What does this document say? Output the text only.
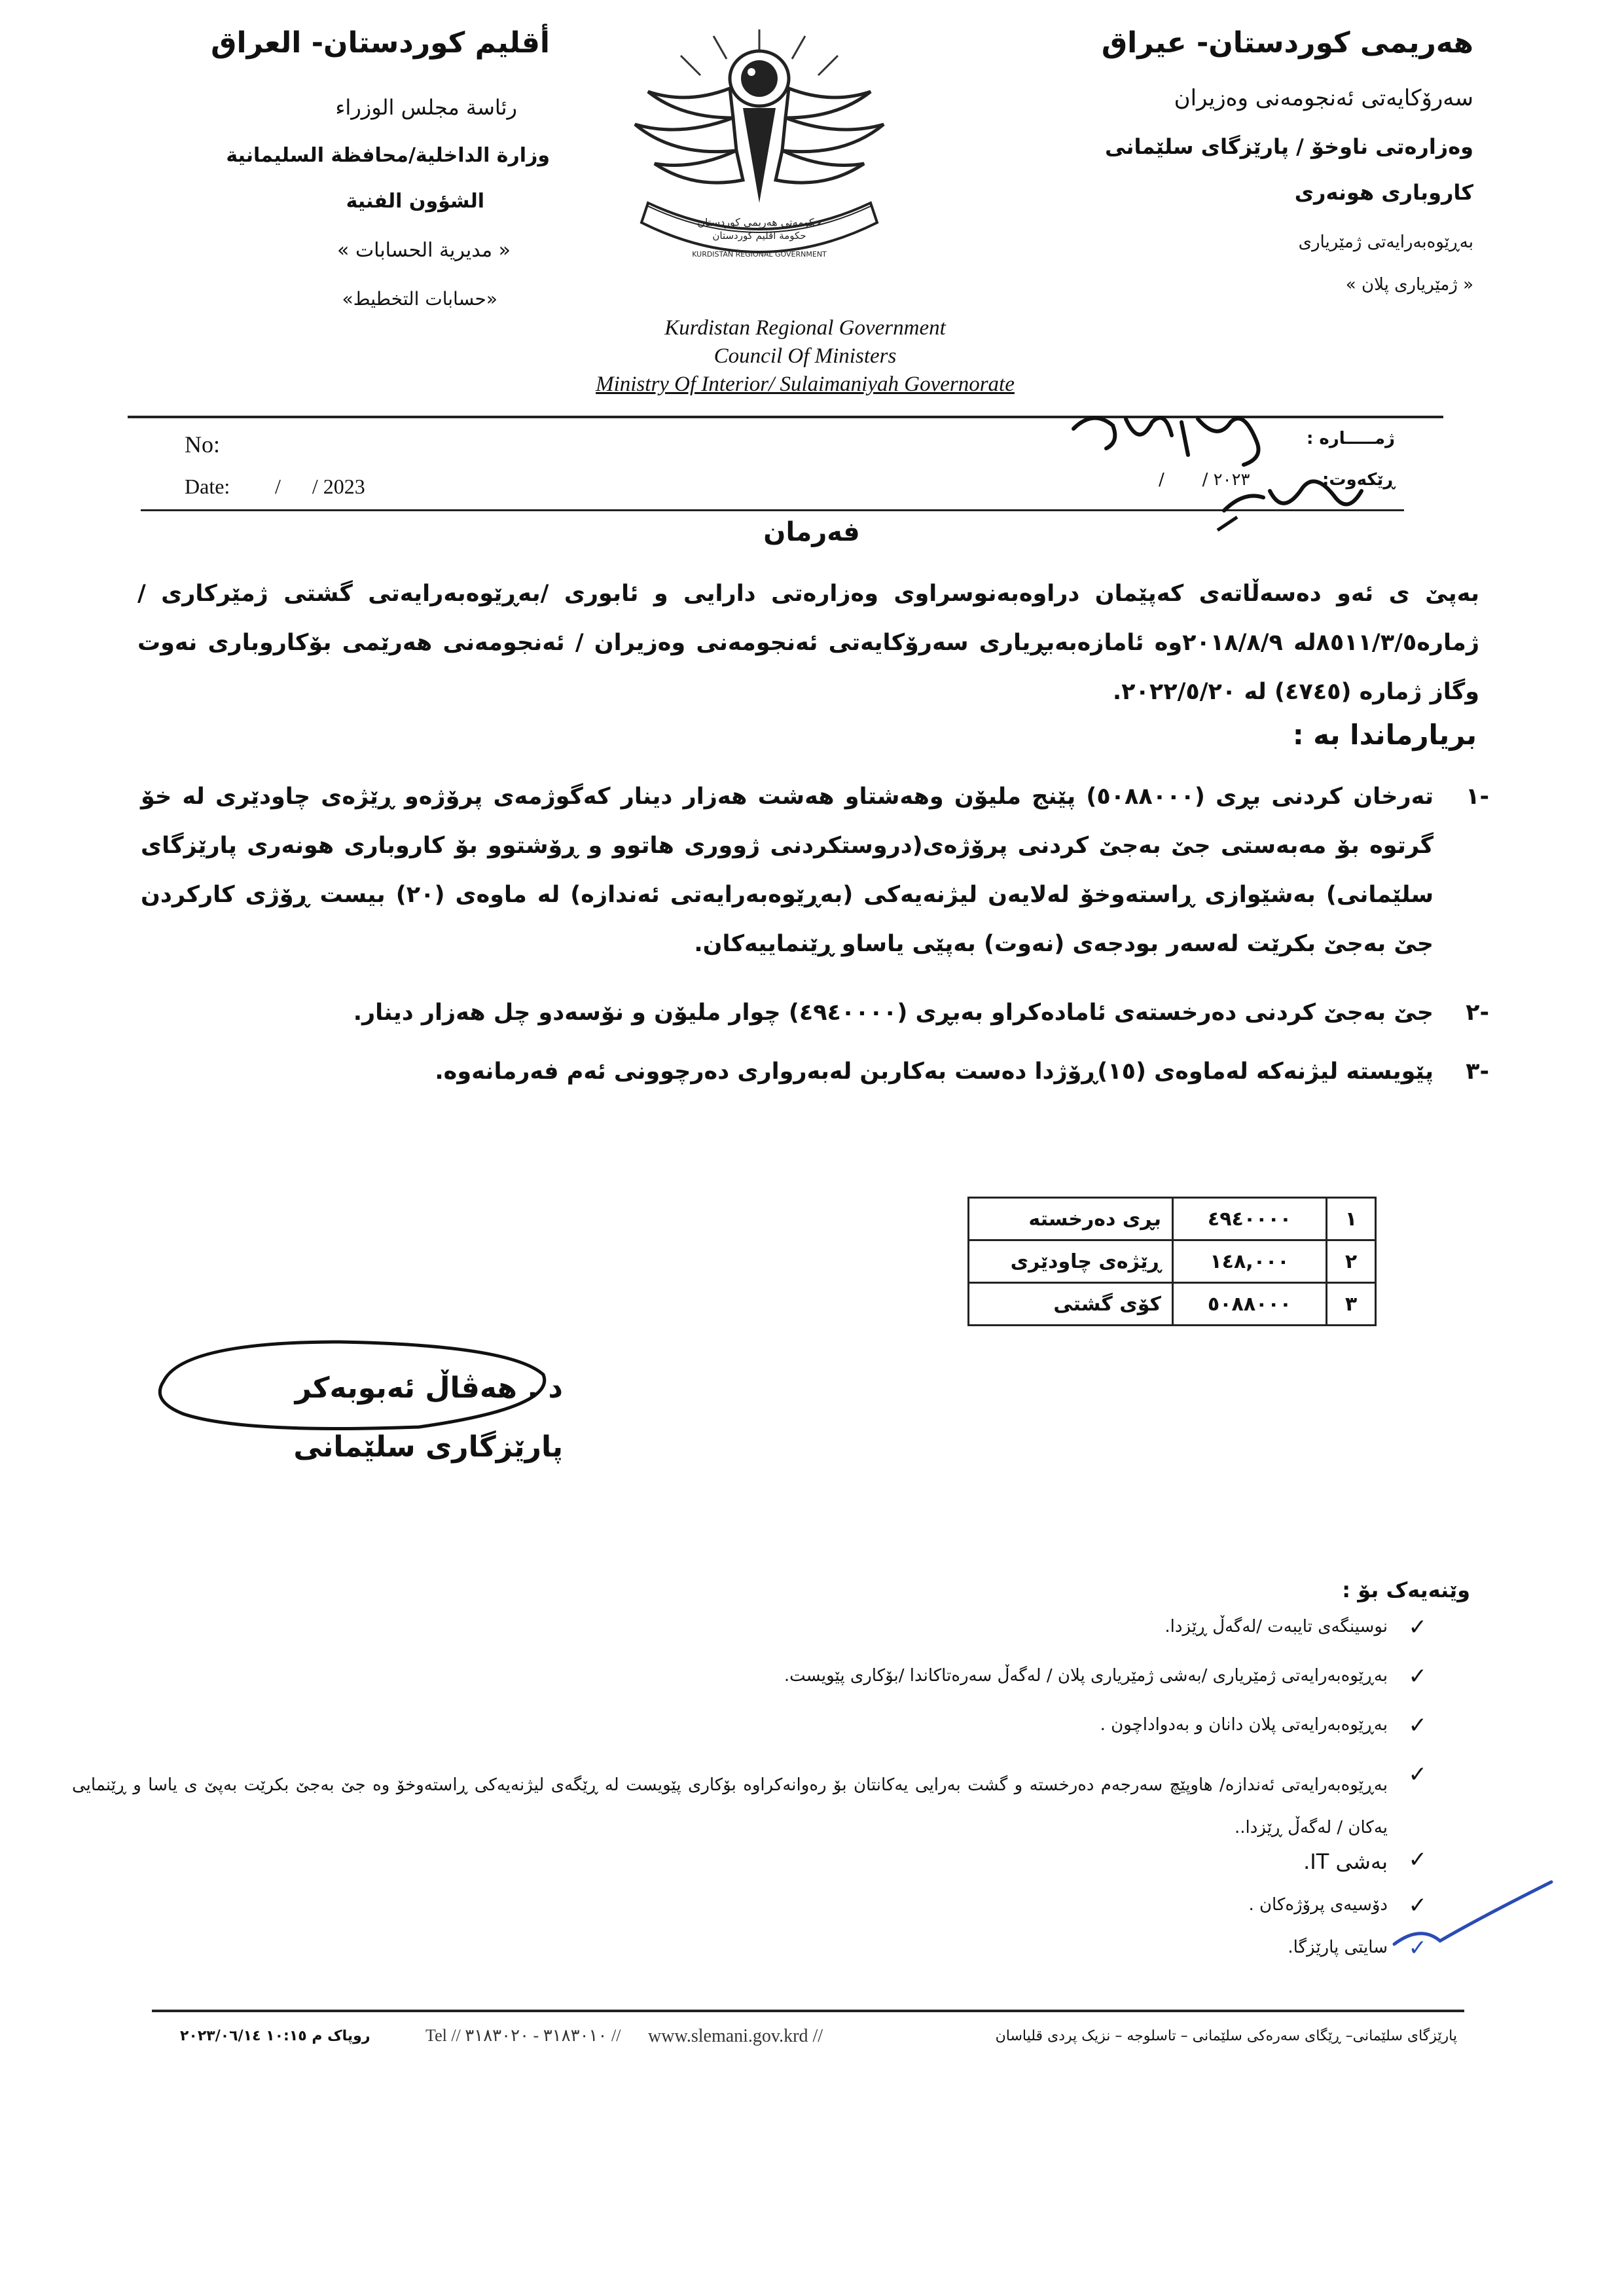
هەریمی کوردستان- عیراق
سەرۆکایەتی ئەنجومەنی وەزیران
وەزارەتی ناوخۆ / پارێزگای سلێمانی
کاروباری هونەری
بەڕێوەبەرایەتی ژمێریاری
« ژمێریاری پلان »
أقليم كوردستان- العراق
رئاسة مجلس الوزراء
وزارة الداخلية/محافظة السليمانية
الشؤون الفنية
« مديرية الحسابات »
«حسابات التخطيط»
حكومەتی هەریمی كوردستان
حكومة اقليم كوردستان
KURDISTAN REGIONAL GOVERNMENT
Kurdistan Regional Government
Council Of Ministers
Ministry Of Interior/ Sulaimaniyah Governorate
No:
Date: /      / 2023
ژمـــــاره :
ڕێکەوت:
/       / ٢٠٢٣
فەرمان
بەپێ ی ئەو دەسەڵاتەی کەپێمان دراوەبەنوسراوی وەزارەتی دارایی و ئابوری /بەڕێوەبەرایەتی گشتی ژمێرکاری /ژماره٨٥١١/٣/٥له ٢٠١٨/٨/٩وه ئامازەبەبڕیاری سەرۆکایەتی ئەنجومەنی وەزیران / ئەنجومەنی هەرێمی بۆکاروباری نەوت وگاز ژماره (٤٧٤٥) له ٢٠٢٢/٥/٢٠.
بریارماندا به :
-١
تەرخان کردنی بڕی (٥٠٨٨٠٠٠) پێنج ملیۆن وهەشتاو هەشت هەزار دینار کەگوژمەی پرۆژەو ڕێژەی چاودێری له خۆ گرتوە بۆ مەبەستی جێ بەجێ کردنی پرۆژەی(دروستکردنی ژووری هاتوو و ڕۆشتوو بۆ کاروباری هونەری پارێزگای سلێمانی) بەشێوازی ڕاستەوخۆ لەلایەن لیژنەیەکی (بەڕێوەبەرایەتی ئەندازە) له ماوەی (٢٠) بیست ڕۆژی کارکردن جێ بەجێ بکرێت لەسەر بودجەی (نەوت) بەپێی یاساو ڕێنماییەکان.
-٢
جێ بەجێ کردنی دەرخستەی ئامادەکراو بەبڕی (٤٩٤٠٠٠٠) چوار ملیۆن و نۆسەدو چل هەزار دینار.
-٣
پێویستە لیژنەکە لەماوەی (١٥)ڕۆژدا دەست بەکاربن لەبەرواری دەرچوونی ئەم فەرمانەوە.
١	٤٩٤٠٠٠٠	بڕی دەرخستە
٢	١٤٨,٠٠٠	ڕێژەی چاودێری
٣	٥٠٨٨٠٠٠	کۆی گشتی
د . هەڤاڵ ئەبوبەکر
پارێزگاری سلێمانی
وێنەیەک بۆ :
✓
نوسینگەی تایبەت /لەگەڵ ڕێزدا.
✓
بەڕێوەبەرایەتی ژمێریاری /بەشی ژمێریاری پلان / لەگەڵ سەرەتاکاندا /بۆکاری پێویست.
✓
بەڕێوەبەرایەتی پلان دانان و بەدواداچون .
✓
بەڕێوەبەرایەتی ئەندازە/ هاوپێچ سەرجەم دەرخستە و گشت بەرایی یەکانتان بۆ رەوانەکراوە بۆکاری پێویست له ڕێگەی لیژنەیەکی ڕاستەوخۆ وە جێ بەجێ بکرێت بەپێ ی یاسا و ڕێنمایی یەکان / لەگەڵ ڕێزدا..
✓
بەشی IT.
✓
دۆسیەی پرۆژەکان .
✓
سایتی پارێزگا.
پارێزگای سلێمانی– ڕێگای سەرەکی سلێمانی – تاسلوجە – نزیک پردی قلیاسان
www.slemani.gov.krd //
Tel // ٣١٨٣٠١٠ - ٣١٨٣٠٢٠ //
روپاک م ١٠:١٥ ٢٠٢٣/٠٦/١٤
